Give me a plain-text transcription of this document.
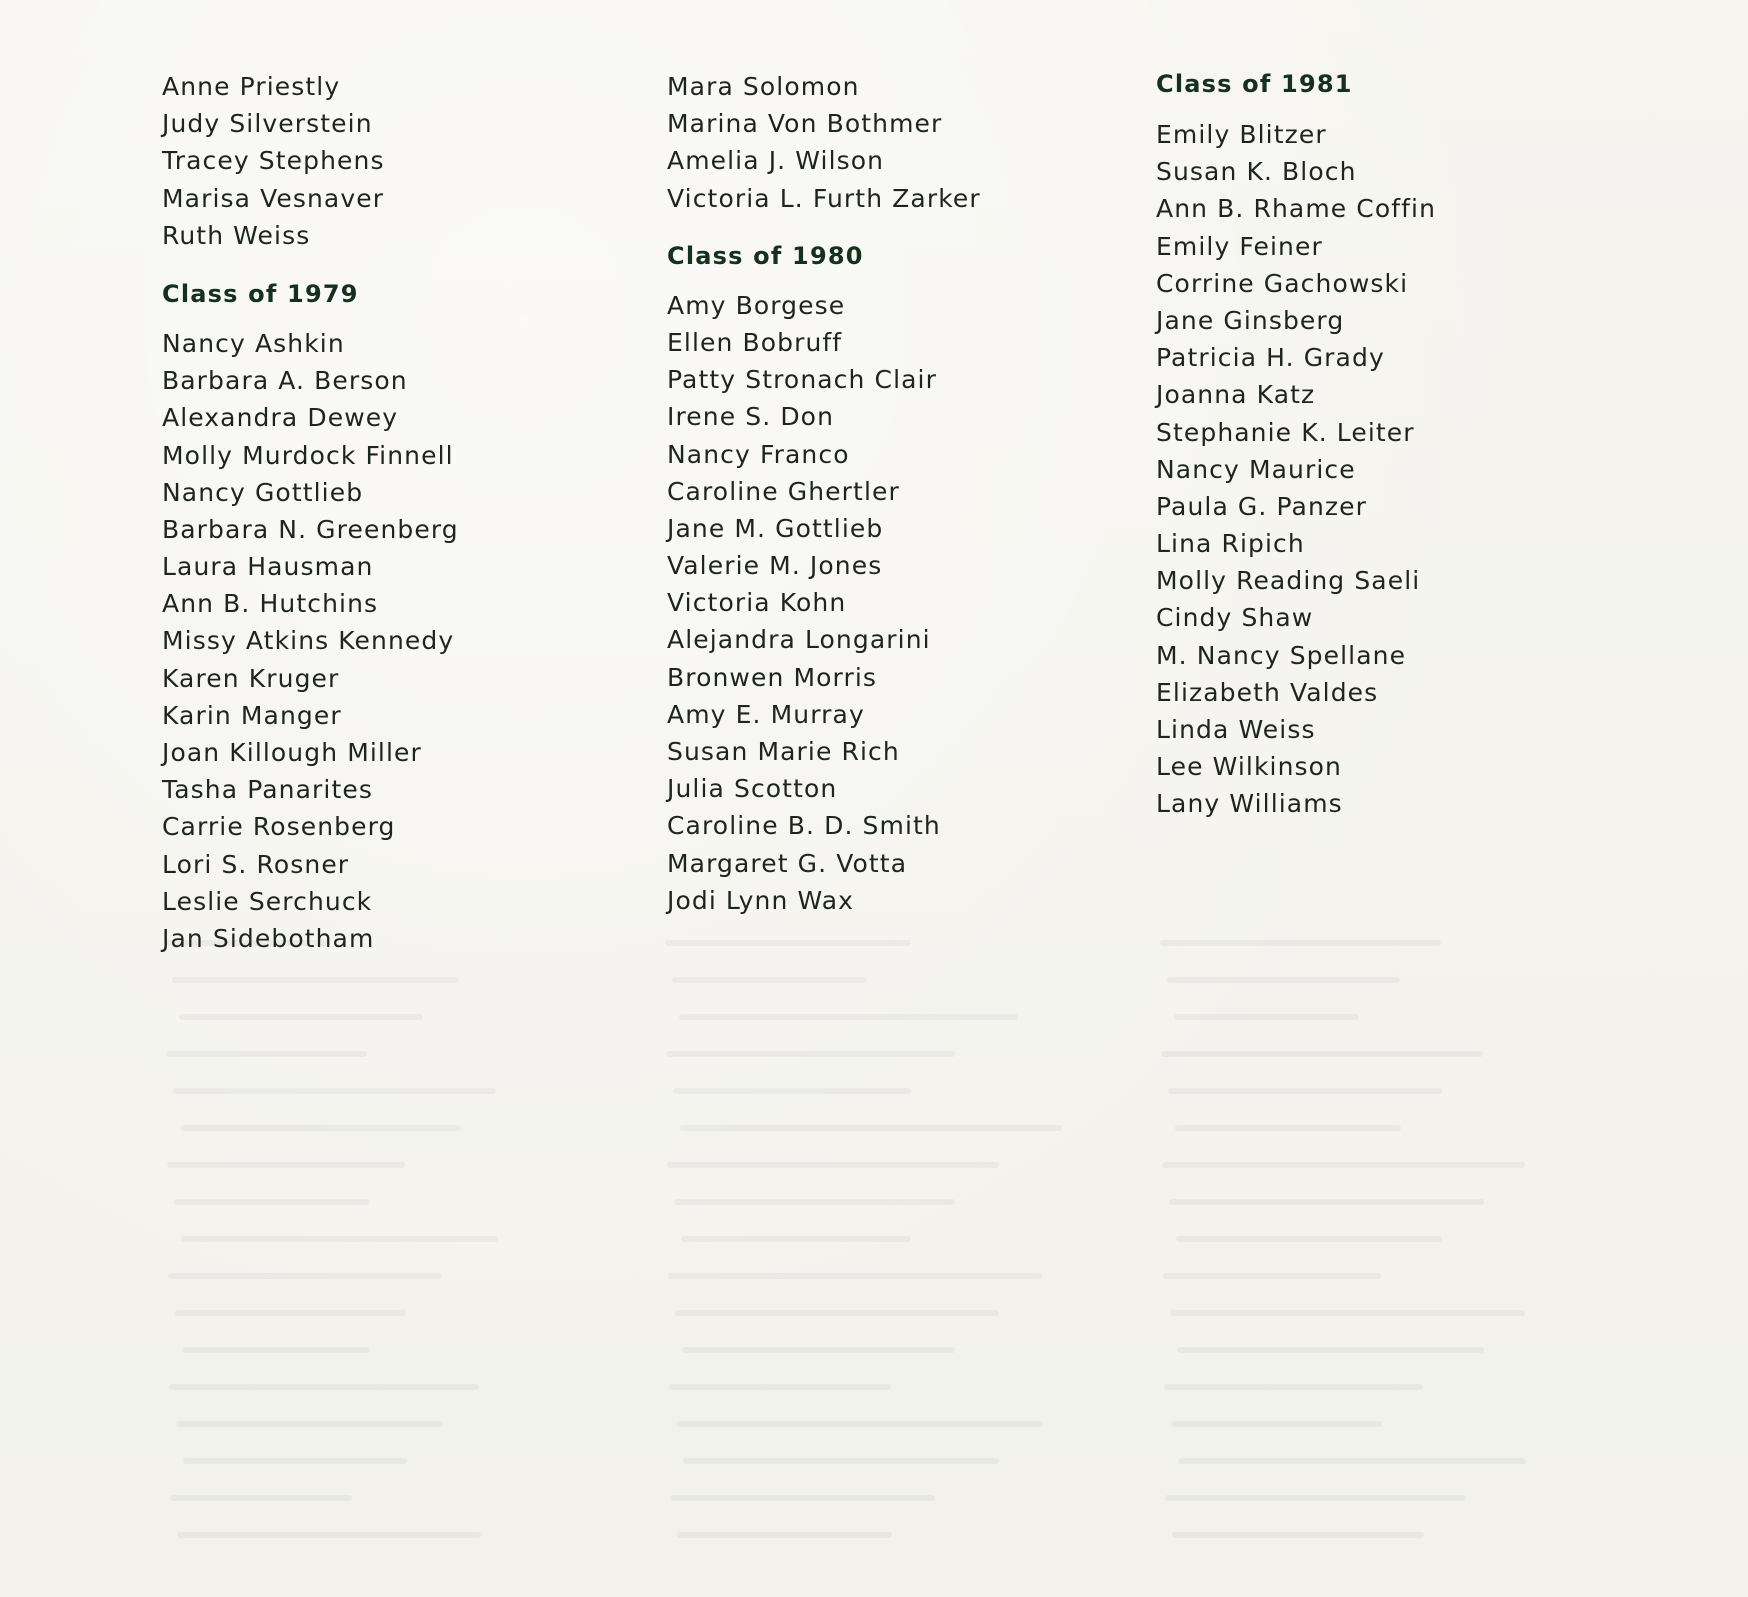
Anne Priestly
Judy Silverstein
Tracey Stephens
Marisa Vesnaver
Ruth Weiss
Class of 1979
Nancy Ashkin
Barbara A. Berson
Alexandra Dewey
Molly Murdock Finnell
Nancy Gottlieb
Barbara N. Greenberg
Laura Hausman
Ann B. Hutchins
Missy Atkins Kennedy
Karen Kruger
Karin Manger
Joan Killough Miller
Tasha Panarites
Carrie Rosenberg
Lori S. Rosner
Leslie Serchuck
Jan Sidebotham
Mara Solomon
Marina Von Bothmer
Amelia J. Wilson
Victoria L. Furth Zarker
Class of 1980
Amy Borgese
Ellen Bobruff
Patty Stronach Clair
Irene S. Don
Nancy Franco
Caroline Ghertler
Jane M. Gottlieb
Valerie M. Jones
Victoria Kohn
Alejandra Longarini
Bronwen Morris
Amy E. Murray
Susan Marie Rich
Julia Scotton
Caroline B. D. Smith
Margaret G. Votta
Jodi Lynn Wax
Class of 1981
Emily Blitzer
Susan K. Bloch
Ann B. Rhame Coffin
Emily Feiner
Corrine Gachowski
Jane Ginsberg
Patricia H. Grady
Joanna Katz
Stephanie K. Leiter
Nancy Maurice
Paula G. Panzer
Lina Ripich
Molly Reading Saeli
Cindy Shaw
M. Nancy Spellane
Elizabeth Valdes
Linda Weiss
Lee Wilkinson
Lany Williams
